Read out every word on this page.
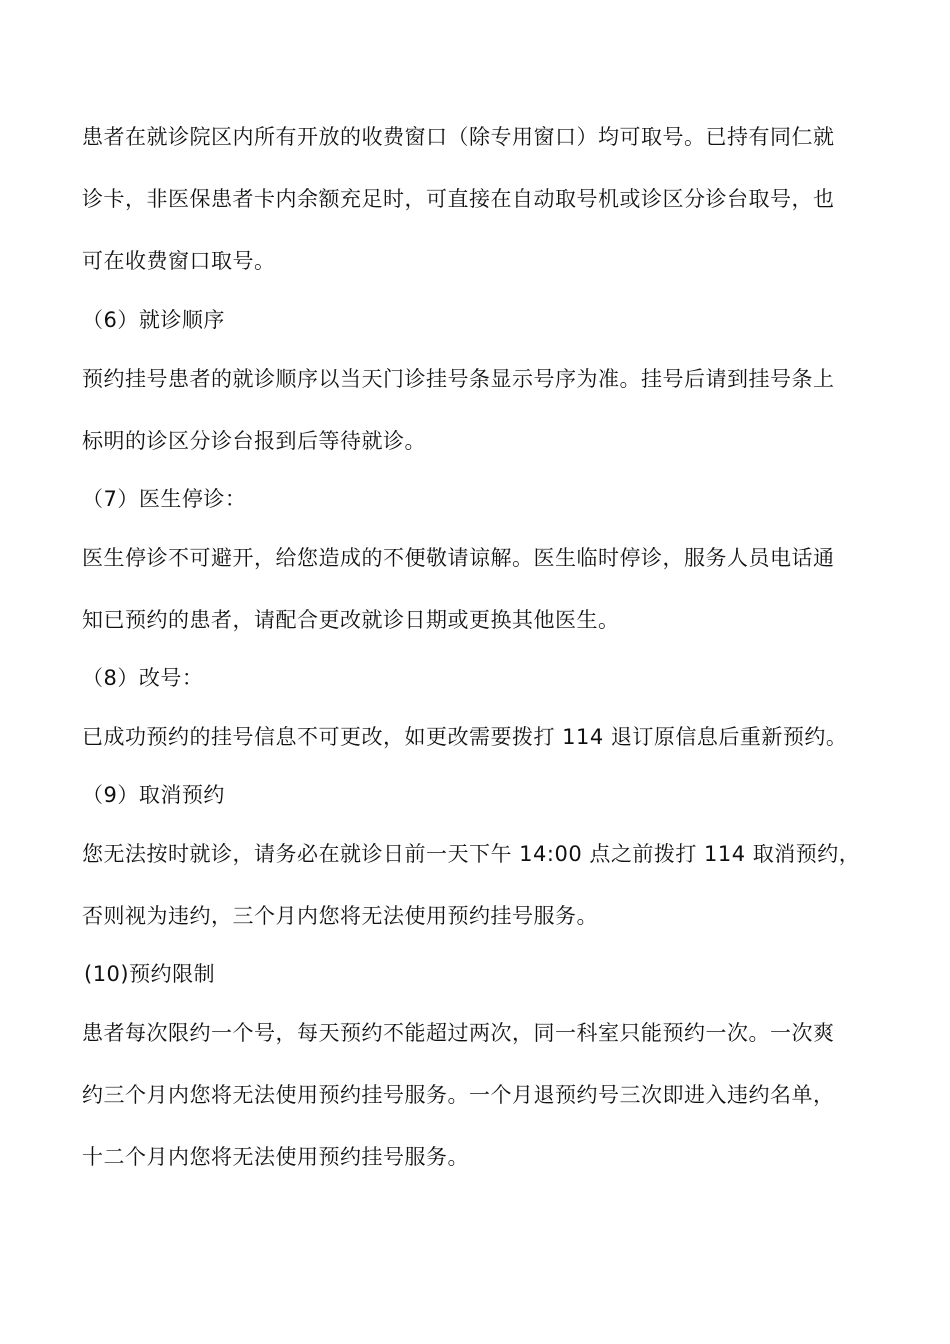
患者在就诊院区内所有开放的收费窗口（除专用窗口）均可取号。已持有同仁就
诊卡，非医保患者卡内余额充足时，可直接在自动取号机或诊区分诊台取号，也
可在收费窗口取号。
（6）就诊顺序
预约挂号患者的就诊顺序以当天门诊挂号条显示号序为准。挂号后请到挂号条上
标明的诊区分诊台报到后等待就诊。
（7）医生停诊：
医生停诊不可避开，给您造成的不便敬请谅解。医生临时停诊，服务人员电话通
知已预约的患者，请配合更改就诊日期或更换其他医生。
（8）改号：
已成功预约的挂号信息不可更改，如更改需要拨打 114 退订原信息后重新预约。
（9）取消预约
您无法按时就诊，请务必在就诊日前一天下午 14:00 点之前拨打 114 取消预约，
否则视为违约，三个月内您将无法使用预约挂号服务。
(10)预约限制
患者每次限约一个号，每天预约不能超过两次，同一科室只能预约一次。一次爽
约三个月内您将无法使用预约挂号服务。一个月退预约号三次即进入违约名单，
十二个月内您将无法使用预约挂号服务。
